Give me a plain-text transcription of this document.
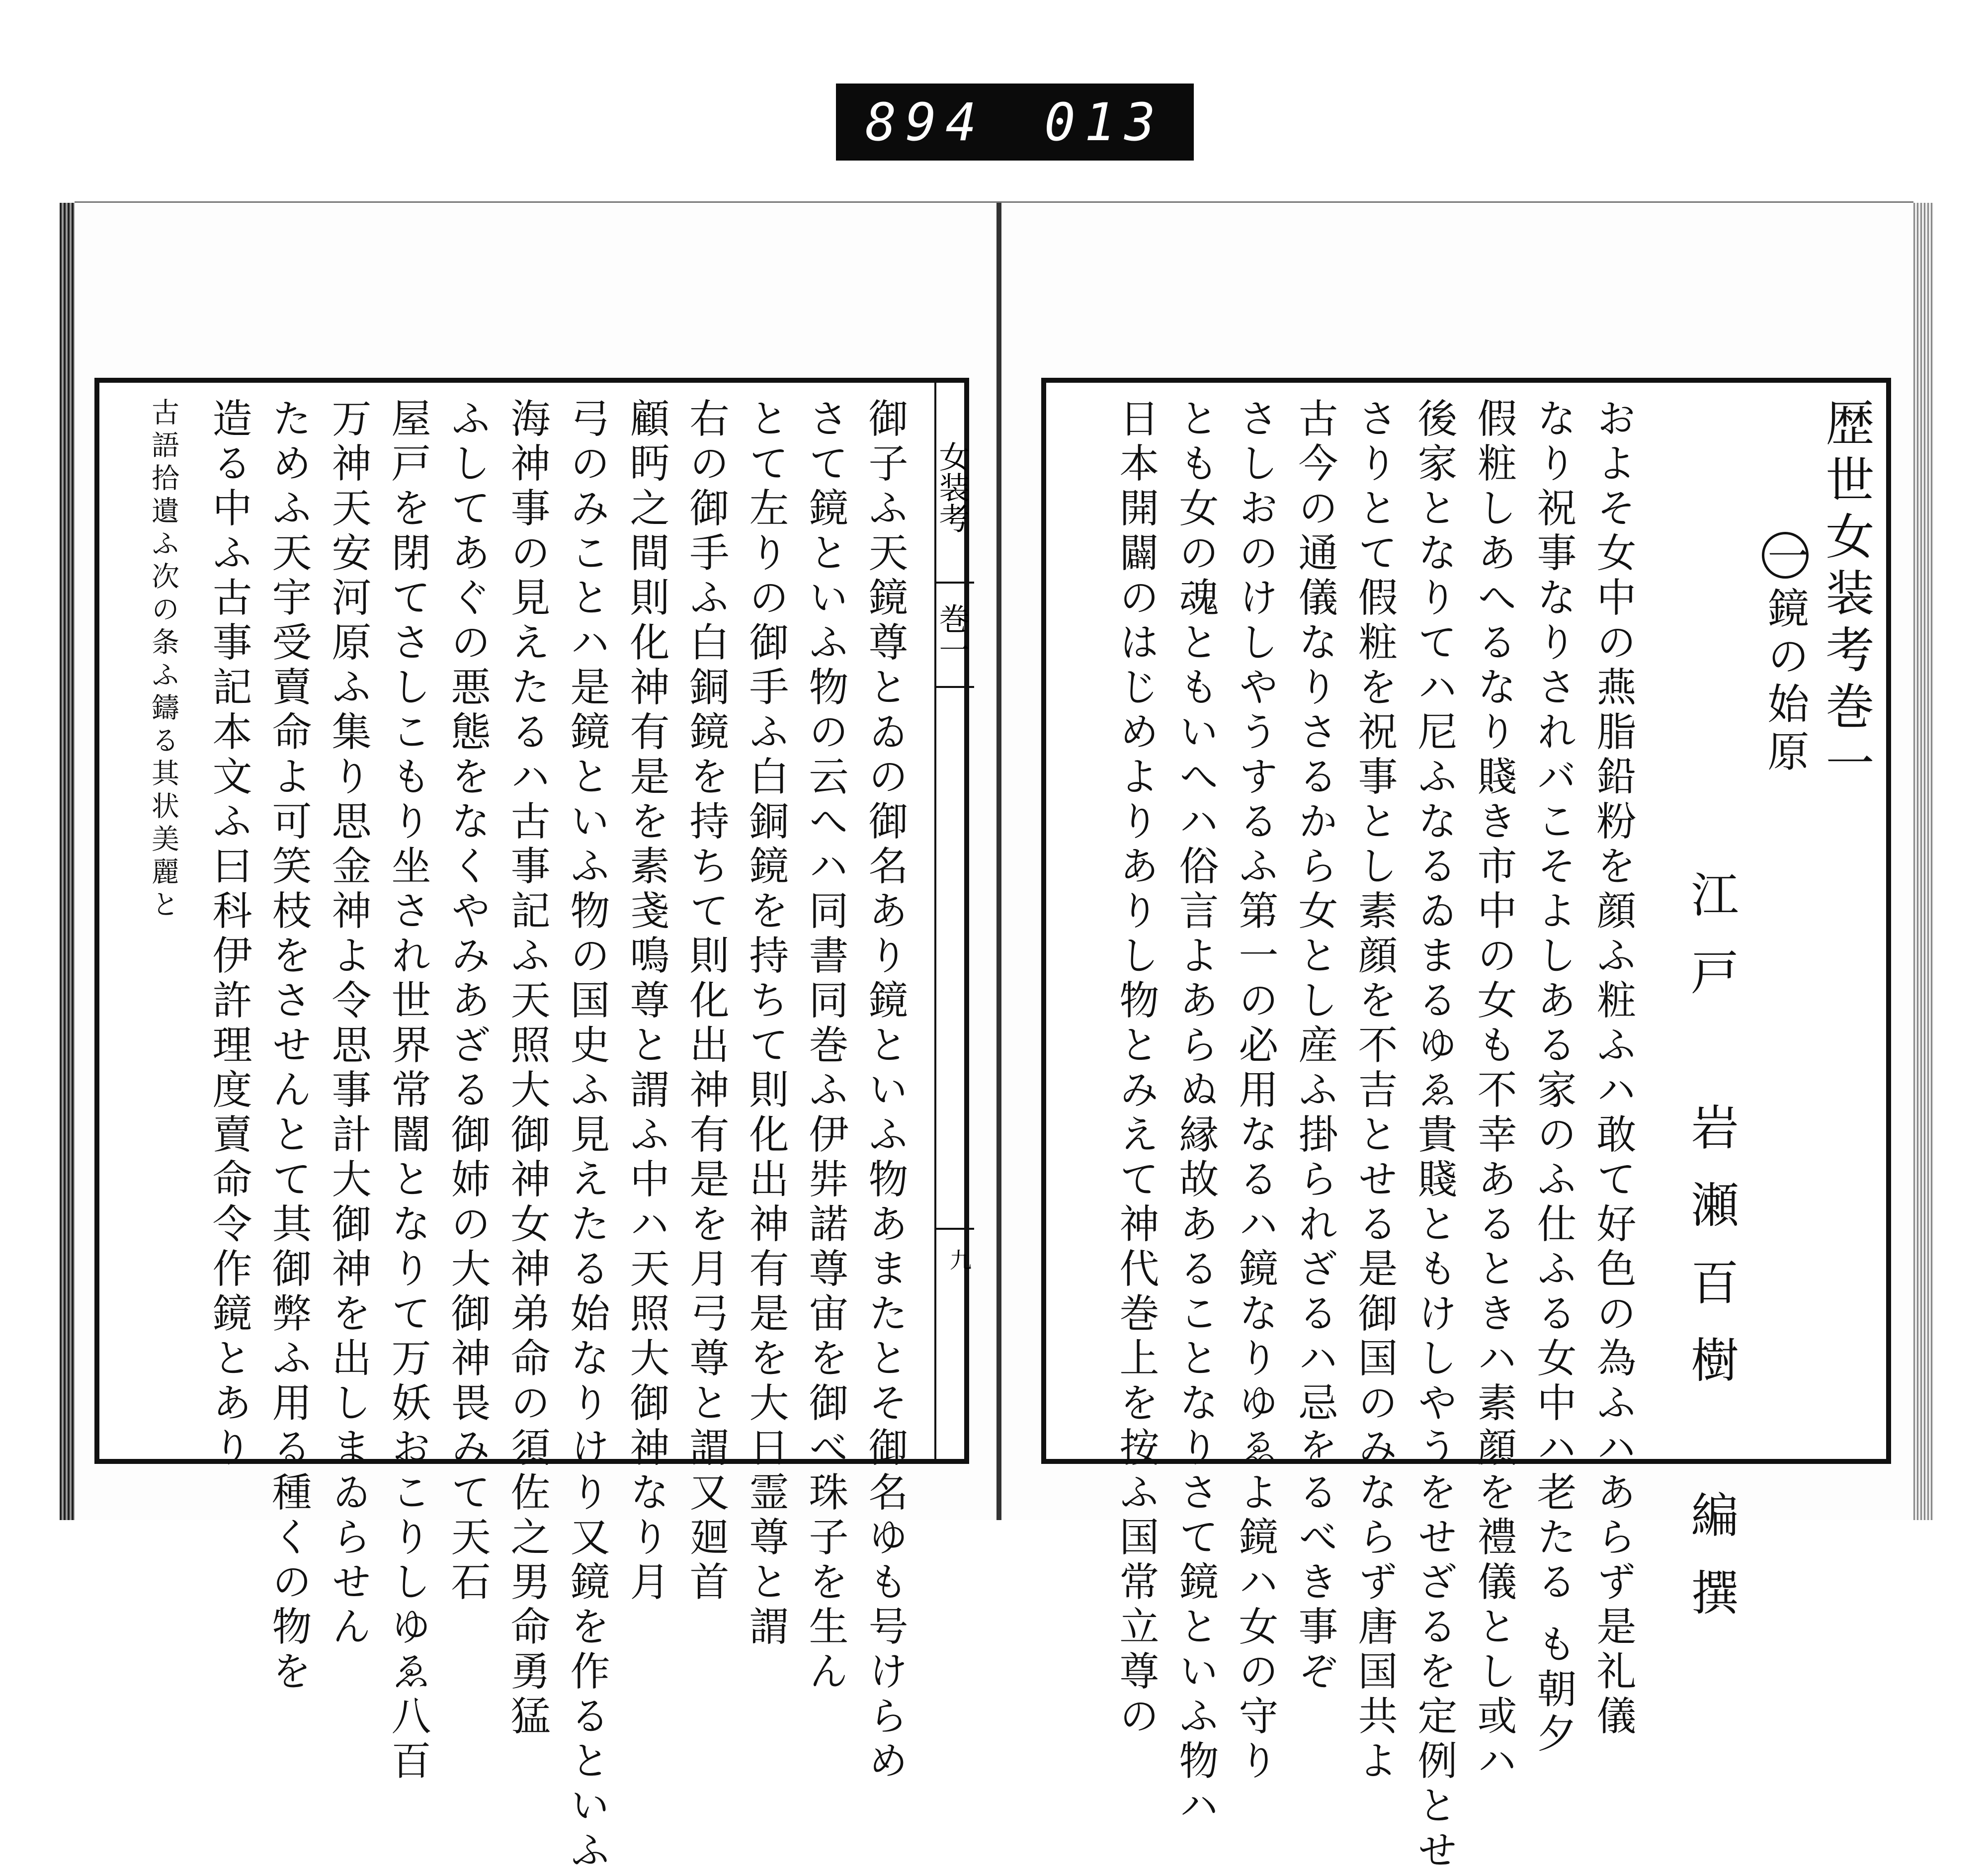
894 013
女装考
巻一
九
御子ふ天鏡尊とゐの御名あり鏡といふ物あまたとそ御名ゆも号けらめ
さて鏡といふ物の云へハ同書同巻ふ伊弉諾尊宙を御べ珠子を生ん
とて左りの御手ふ白銅鏡を持ちて則化出神有是を大日霊尊と謂
右の御手ふ白銅鏡を持ちて則化出神有是を月弓尊と謂又廻首
顧眄之間則化神有是を素戔鳴尊と謂ふ中ハ天照大御神なり月
弓のみことハ是鏡といふ物の国史ふ見えたる始なりけり又鏡を作るといふ
海神事の見えたるハ古事記ふ天照大御神女神弟命の須佐之男命勇猛
ふしてあぐの悪態をなくやみあざる御姉の大御神畏みて天石
屋戸を閉てさしこもり坐され世界常闇となりて万妖おこりしゆゑ八百
万神天安河原ふ集り思金神よ令思事計大御神を出しまゐらせん
ためふ天宇受賣命よ可笑枝をさせんとて其御弊ふ用る種くの物を
造る中ふ古事記本文ふ曰科伊許理度賣命令作鏡とあり
古語拾遺ふ次の条ふ鑄る其状美麗と	歴世女装考巻一
一鏡の始原
江戸　岩瀬百樹　編撰
およそ女中の燕脂鉛粉を顔ふ粧ふハ敢て好色の為ふハあらず是礼儀
なり祝事なりされバこそよしある家のふ仕ふる女中ハ老たる も朝夕
假粧しあへるなり賤き市中の女も不幸あるときハ素顔を禮儀とし或ハ
後家となりてハ尼ふなるゐまるゆゑ貴賤ともけしやうをせざるを定例とせ
さりとて假粧を祝事とし素顔を不吉とせる是御国のみならず唐国共よ
古今の通儀なりさるから女とし産ふ掛られざるハ忌をるべき事ぞ
さしおのけしやうするふ第一の必用なるハ鏡なりゆゑよ鏡ハ女の守り
とも女の魂ともいへハ俗言よあらぬ縁故あることなりさて鏡といふ物ハ
日本開闢のはじめよりありし物とみえて神代巻上を按ふ国常立尊の
